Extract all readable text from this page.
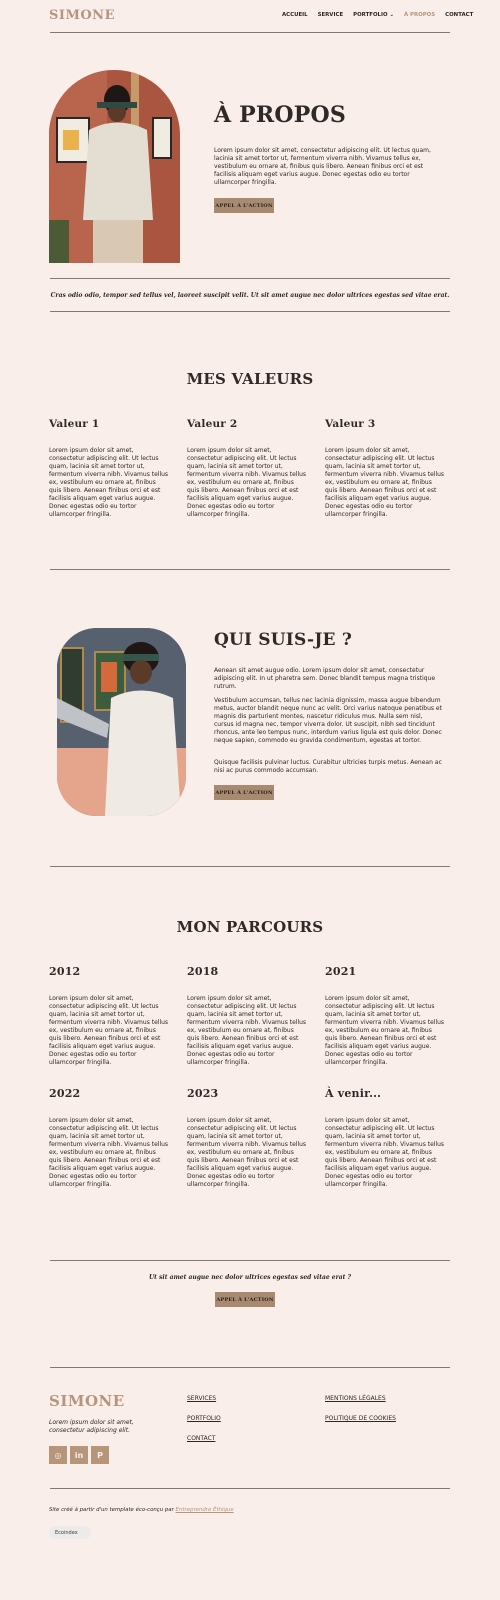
SIMONE	ACCUEIL SERVICE PORTFOLIO ⌄ À PROPOS CONTACT
À PROPOS
Lorem ipsum dolor sit amet, consectetur adipiscing elit. Ut lectus quam, lacinia sit amet tortor ut, fermentum viverra nibh. Vivamus tellus ex, vestibulum eu ornare at, finibus quis libero. Aenean finibus orci et est facilisis aliquam eget varius augue. Donec egestas odio eu tortor ullamcorper fringilla.
APPEL À L'ACTION
Cras odio odio, tempor sed tellus vel, laoreet suscipit velit. Ut sit amet augue nec dolor ultrices egestas sed vitae erat.
MES VALEURS
Valeur 1
Lorem ipsum dolor sit amet, consectetur adipiscing elit. Ut lectus quam, lacinia sit amet tortor ut, fermentum viverra nibh. Vivamus tellus ex, vestibulum eu ornare at, finibus quis libero. Aenean finibus orci et est facilisis aliquam eget varius augue. Donec egestas odio eu tortor ullamcorper fringilla.
Valeur 2
Lorem ipsum dolor sit amet, consectetur adipiscing elit. Ut lectus quam, lacinia sit amet tortor ut, fermentum viverra nibh. Vivamus tellus ex, vestibulum eu ornare at, finibus quis libero. Aenean finibus orci et est facilisis aliquam eget varius augue. Donec egestas odio eu tortor ullamcorper fringilla.
Valeur 3
Lorem ipsum dolor sit amet, consectetur adipiscing elit. Ut lectus quam, lacinia sit amet tortor ut, fermentum viverra nibh. Vivamus tellus ex, vestibulum eu ornare at, finibus quis libero. Aenean finibus orci et est facilisis aliquam eget varius augue. Donec egestas odio eu tortor ullamcorper fringilla.
QUI SUIS-JE ?
Aenean sit amet augue odio. Lorem ipsum dolor sit amet, consectetur adipiscing elit. In ut pharetra sem. Donec blandit tempus magna tristique rutrum.
Vestibulum accumsan, tellus nec lacinia dignissim, massa augue bibendum metus, auctor blandit neque nunc ac velit. Orci varius natoque penatibus et magnis dis parturient montes, nascetur ridiculus mus. Nulla sem nisl, cursus id magna nec, tempor viverra dolor. Ut suscipit, nibh sed tincidunt rhoncus, ante leo tempus nunc, interdum varius ligula est quis dolor. Donec neque sapien, commodo eu gravida condimentum, egestas at tortor.
Quisque facilisis pulvinar luctus. Curabitur ultricies turpis metus. Aenean ac nisi ac purus commodo accumsan.
APPEL À L'ACTION
MON PARCOURS
2012
Lorem ipsum dolor sit amet, consectetur adipiscing elit. Ut lectus quam, lacinia sit amet tortor ut, fermentum viverra nibh. Vivamus tellus ex, vestibulum eu ornare at, finibus quis libero. Aenean finibus orci et est facilisis aliquam eget varius augue. Donec egestas odio eu tortor ullamcorper fringilla.
2018
Lorem ipsum dolor sit amet, consectetur adipiscing elit. Ut lectus quam, lacinia sit amet tortor ut, fermentum viverra nibh. Vivamus tellus ex, vestibulum eu ornare at, finibus quis libero. Aenean finibus orci et est facilisis aliquam eget varius augue. Donec egestas odio eu tortor ullamcorper fringilla.
2021
Lorem ipsum dolor sit amet, consectetur adipiscing elit. Ut lectus quam, lacinia sit amet tortor ut, fermentum viverra nibh. Vivamus tellus ex, vestibulum eu ornare at, finibus quis libero. Aenean finibus orci et est facilisis aliquam eget varius augue. Donec egestas odio eu tortor ullamcorper fringilla.
2022
Lorem ipsum dolor sit amet, consectetur adipiscing elit. Ut lectus quam, lacinia sit amet tortor ut, fermentum viverra nibh. Vivamus tellus ex, vestibulum eu ornare at, finibus quis libero. Aenean finibus orci et est facilisis aliquam eget varius augue. Donec egestas odio eu tortor ullamcorper fringilla.
2023
Lorem ipsum dolor sit amet, consectetur adipiscing elit. Ut lectus quam, lacinia sit amet tortor ut, fermentum viverra nibh. Vivamus tellus ex, vestibulum eu ornare at, finibus quis libero. Aenean finibus orci et est facilisis aliquam eget varius augue. Donec egestas odio eu tortor ullamcorper fringilla.
À venir...
Lorem ipsum dolor sit amet, consectetur adipiscing elit. Ut lectus quam, lacinia sit amet tortor ut, fermentum viverra nibh. Vivamus tellus ex, vestibulum eu ornare at, finibus quis libero. Aenean finibus orci et est facilisis aliquam eget varius augue. Donec egestas odio eu tortor ullamcorper fringilla.
Ut sit amet augue nec dolor ultrices egestas sed vitae erat ?
APPEL À L'ACTION
SIMONE
Lorem ipsum dolor sit amet, consectetur adipiscing elit.
◎	in	P
SERVICES
PORTFOLIO
CONTACT
MENTIONS LÉGALES
POLITIQUE DE COOKIES
Site créé à partir d'un template éco-conçu par Entreprendre Éthique
Ecoindex
